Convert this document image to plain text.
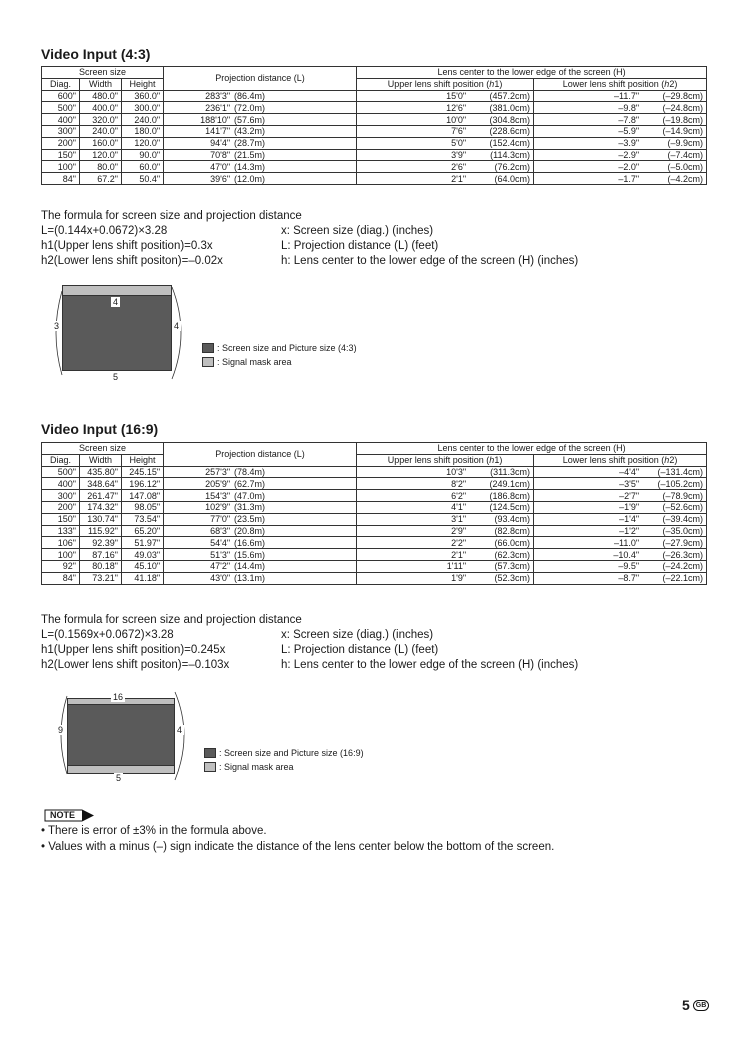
Video Input (4:3)
Screen size			Projection distance (L)	Lens center to the lower edge of the screen (H)	
Diag.	Width	Height		Upper lens shift position (h1)	Lower lens shift position (h2)
600"	480.0"	360.0"	283'3" (86.4m)	15'0" (457.2cm)	–11.7" (–29.8cm)
500"	400.0"	300.0"	236'1" (72.0m)	12'6" (381.0cm)	–9.8" (–24.8cm)
400"	320.0"	240.0"	188'10" (57.6m)	10'0" (304.8cm)	–7.8" (–19.8cm)
300"	240.0"	180.0"	141'7" (43.2m)	7'6" (228.6cm)	–5.9" (–14.9cm)
200"	160.0"	120.0"	94'4" (28.7m)	5'0" (152.4cm)	–3.9" (–9.9cm)
150"	120.0"	90.0"	70'8" (21.5m)	3'9" (114.3cm)	–2.9" (–7.4cm)
100"	80.0"	60.0"	47'0" (14.3m)	2'6" (76.2cm)	–2.0" (–5.0cm)
84"	67.2"	50.4"	39'6" (12.0m)	2'1" (64.0cm)	–1.7" (–4.2cm)
The formula for screen size and projection distance
L=(0.144x+0.0672)×3.28	x: Screen size (diag.) (inches)
h1(Upper lens shift position)=0.3x	L: Projection distance (L) (feet)
h2(Lower lens shift positon)=–0.02x	h: Lens center to the lower edge of the screen (H) (inches)
4
3	4
5
: Screen size and Picture size (4:3)
: Signal mask area
Video Input (16:9)
Screen size			Projection distance (L)	Lens center to the lower edge of the screen (H)	
Diag.	Width	Height		Upper lens shift position (h1)	Lower lens shift position (h2)
500"	435.80"	245.15"	257'3" (78.4m)	10'3" (311.3cm)	–4'4" (–131.4cm)
400"	348.64"	196.12"	205'9" (62.7m)	8'2" (249.1cm)	–3'5" (–105.2cm)
300"	261.47"	147.08"	154'3" (47.0m)	6'2" (186.8cm)	–2'7" (–78.9cm)
200"	174.32"	98.05"	102'9" (31.3m)	4'1" (124.5cm)	–1'9" (–52.6cm)
150"	130.74"	73.54"	77'0" (23.5m)	3'1" (93.4cm)	–1'4" (–39.4cm)
133"	115.92"	65.20"	68'3" (20.8m)	2'9" (82.8cm)	–1'2" (–35.0cm)
106"	92.39"	51.97"	54'4" (16.6m)	2'2" (66.0cm)	–11.0" (–27.9cm)
100"	87.16"	49.03"	51'3" (15.6m)	2'1" (62.3cm)	–10.4" (–26.3cm)
92"	80.18"	45.10"	47'2" (14.4m)	1'11" (57.3cm)	–9.5" (–24.2cm)
84"	73.21"	41.18"	43'0" (13.1m)	1'9" (52.3cm)	–8.7" (–22.1cm)
The formula for screen size and projection distance
L=(0.1569x+0.0672)×3.28	x: Screen size (diag.) (inches)
h1(Upper lens shift position)=0.245x	L: Projection distance (L) (feet)
h2(Lower lens shift positon)=–0.103x	h: Lens center to the lower edge of the screen (H) (inches)
16
9	4
5
: Screen size and Picture size (16:9)
: Signal mask area
NOTE
• There is error of ±3% in the formula above.
• Values with a minus (–) sign indicate the distance of the lens center below the bottom of the screen.
5 GB
